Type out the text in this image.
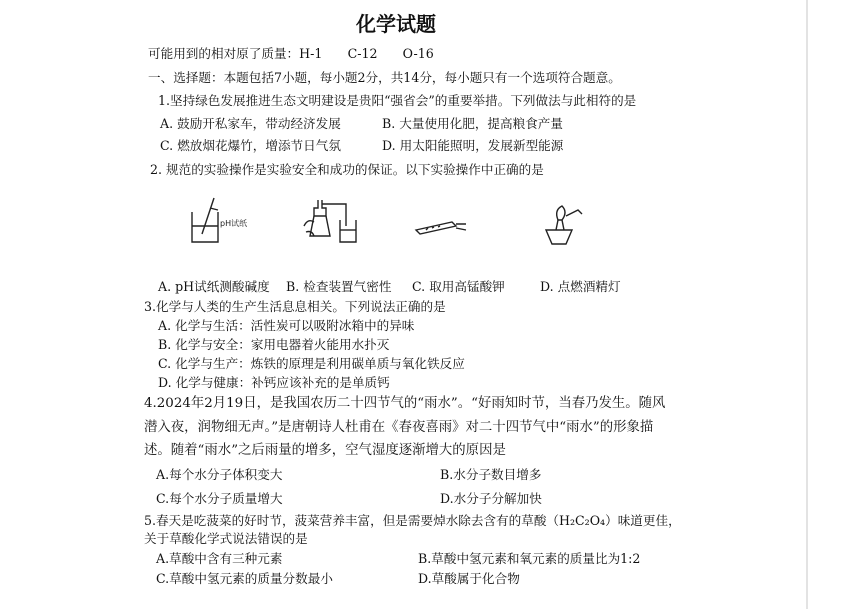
化学试题
可能用到的相对原了质量：H-1　　C-12　　O-16
一、选择题：本题包括7小题，每小题2分，共14分，每小题只有一个选项符合题意。
1.坚持绿色发展推进生态文明建设是贵阳“强省会”的重要举措。下列做法与此相符的是
A. 鼓励开私家车，带动经济发展	B. 大量使用化肥，提高粮食产量
C. 燃放烟花爆竹，增添节日气氛	D. 用太阳能照明，发展新型能源
2. 规范的实验操作是实验安全和成功的保证。以下实验操作中正确的是
pH试纸
A. pH试纸测酸碱度 B. 检查装置气密性 C. 取用高锰酸钾	D. 点燃酒精灯
3.化学与人类的生产生活息息相关。下列说法正确的是
A. 化学与生活：活性炭可以吸附冰箱中的异味
B. 化学与安全：家用电器着火能用水扑灭
C. 化学与生产：炼铁的原理是利用碳单质与氧化铁反应
D. 化学与健康：补钙应该补充的是单质钙
4.2024年2月19日，是我国农历二十四节气的“雨水”。“好雨知时节，当春乃发生。随风
潜入夜，润物细无声。”是唐朝诗人杜甫在《春夜喜雨》对二十四节气中“雨水”的形象描
述。随着“雨水”之后雨量的增多，空气湿度逐渐增大的原因是
A.每个水分子体积变大	B.水分子数目增多
C.每个水分子质量增大	D.水分子分解加快
5.春天是吃菠菜的好时节，菠菜营养丰富，但是需要焯水除去含有的草酸（H₂C₂O₄）味道更佳，
关于草酸化学式说法错误的是
A.草酸中含有三种元素	B.草酸中氢元素和氧元素的质量比为1:2
C.草酸中氢元素的质量分数最小	D.草酸属于化合物
